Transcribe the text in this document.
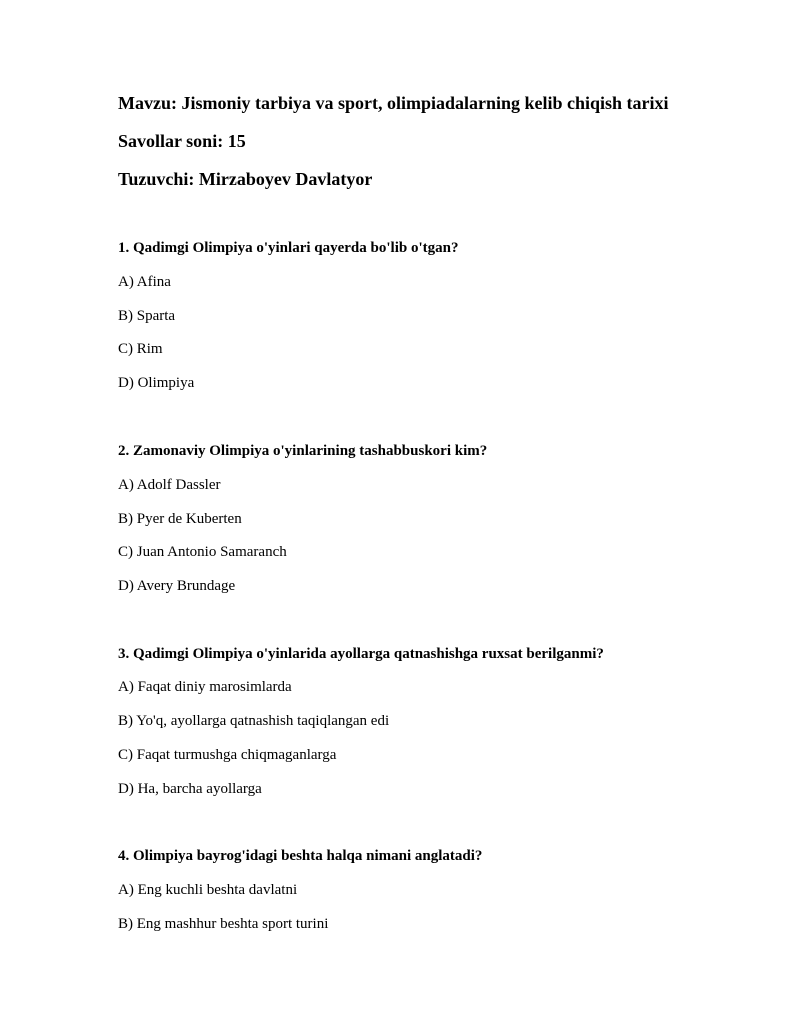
Mavzu: Jismoniy tarbiya va sport, olimpiadalarning kelib chiqish tarixi
Savollar soni: 15
Tuzuvchi: Mirzaboyev Davlatyor
1. Qadimgi Olimpiya o'yinlari qayerda bo'lib o'tgan?
A) Afina
B) Sparta
C) Rim
D) Olimpiya
2. Zamonaviy Olimpiya o'yinlarining tashabbuskori kim?
A) Adolf Dassler
B) Pyer de Kuberten
C) Juan Antonio Samaranch
D) Avery Brundage
3. Qadimgi Olimpiya o'yinlarida ayollarga qatnashishga ruxsat berilganmi?
A) Faqat diniy marosimlarda
B) Yo'q, ayollarga qatnashish taqiqlangan edi
C) Faqat turmushga chiqmaganlarga
D) Ha, barcha ayollarga
4. Olimpiya bayrog'idagi beshta halqa nimani anglatadi?
A) Eng kuchli beshta davlatni
B) Eng mashhur beshta sport turini
